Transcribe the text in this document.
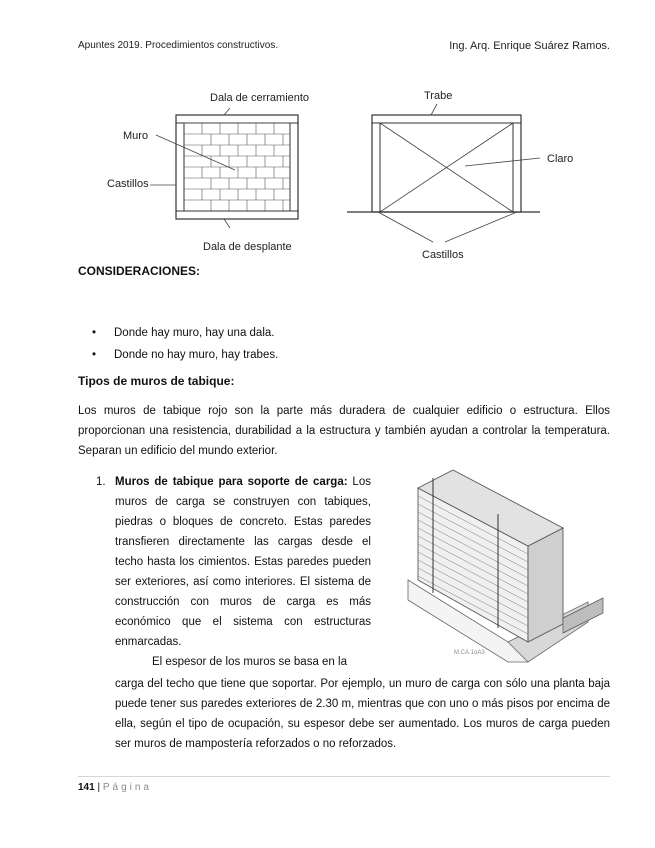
Apuntes 2019. Procedimientos constructivos.	Ing. Arq. Enrique Suárez Ramos.
Dala de cerramiento
Muro
Castillos
Dala de desplante
Trabe
Claro
Castillos
CONSIDERACIONES:
• Donde hay muro, hay una dala.
• Donde no hay muro, hay trabes.
Tipos de muros de tabique:
Los muros de tabique rojo son la parte más duradera de cualquier edificio o estructura. Ellos proporcionan una resistencia, durabilidad a la estructura y también ayudan a controlar la temperatura. Separan un edificio del mundo exterior.
1. Muros de tabique para soporte de carga: Los muros de carga se construyen con tabiques, piedras o bloques de concreto. Estas paredes transfieren directamente las cargas desde el techo hasta los cimientos. Estas paredes pueden ser exteriores, así como interiores. El sistema de construcción con muros de carga es más económico que el sistema con estructuras enmarcadas.
El espesor de los muros se basa en la
carga del techo que tiene que soportar. Por ejemplo, un muro de carga con sólo una planta baja puede tener sus paredes exteriores de 2.30 m, mientras que con uno o más pisos por encima de ella, según el tipo de ocupación, su espesor debe ser aumentado. Los muros de carga pueden ser muros de mampostería reforzados o no reforzados.
M.CA.1oA3
141 | Página
